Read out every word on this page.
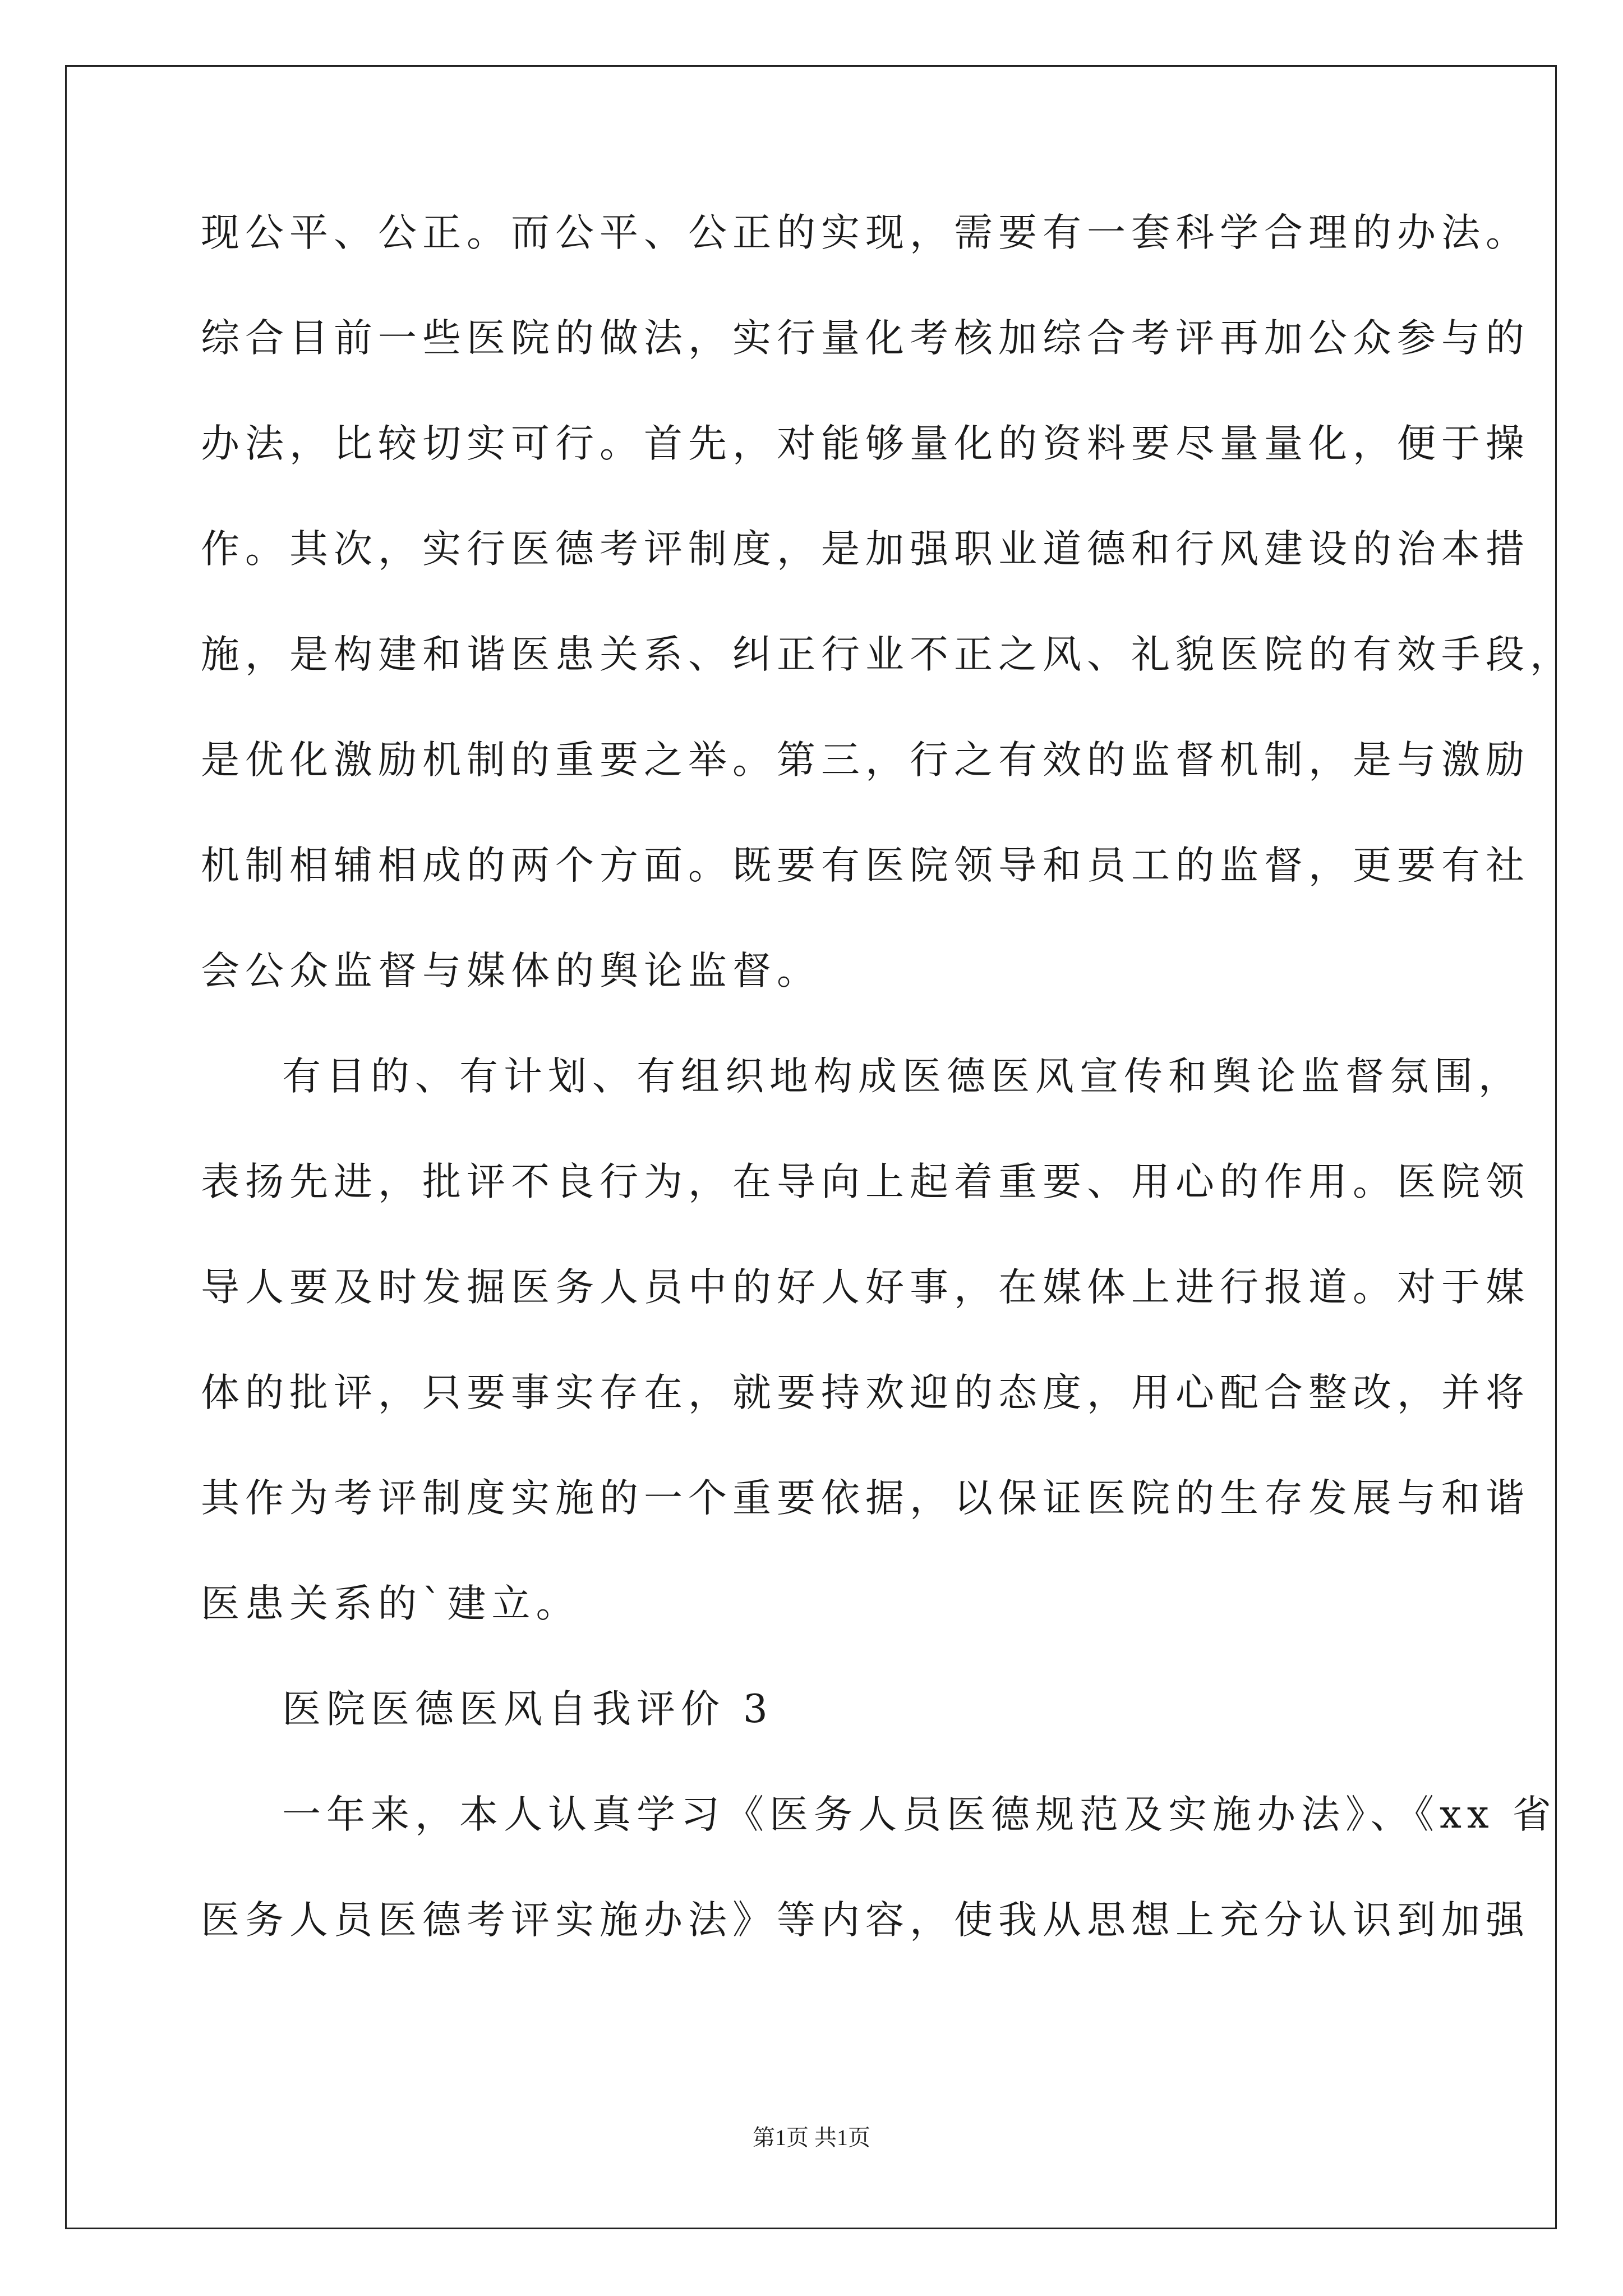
现公平、公正。而公平、公正的实现，需要有一套科学合理的办法。
综合目前一些医院的做法，实行量化考核加综合考评再加公众参与的
办法，比较切实可行。首先，对能够量化的资料要尽量量化，便于操
作。其次，实行医德考评制度，是加强职业道德和行风建设的治本措
施，是构建和谐医患关系、纠正行业不正之风、礼貌医院的有效手段，
是优化激励机制的重要之举。第三，行之有效的监督机制，是与激励
机制相辅相成的两个方面。既要有医院领导和员工的监督，更要有社
会公众监督与媒体的舆论监督。
有目的、有计划、有组织地构成医德医风宣传和舆论监督氛围，
表扬先进，批评不良行为，在导向上起着重要、用心的作用。医院领
导人要及时发掘医务人员中的好人好事，在媒体上进行报道。对于媒
体的批评，只要事实存在，就要持欢迎的态度，用心配合整改，并将
其作为考评制度实施的一个重要依据，以保证医院的生存发展与和谐
医患关系的`建立。
医院医德医风自我评价 3
一年来，本人认真学习《医务人员医德规范及实施办法》、《xx 省
医务人员医德考评实施办法》等内容，使我从思想上充分认识到加强
第1页 共1页
